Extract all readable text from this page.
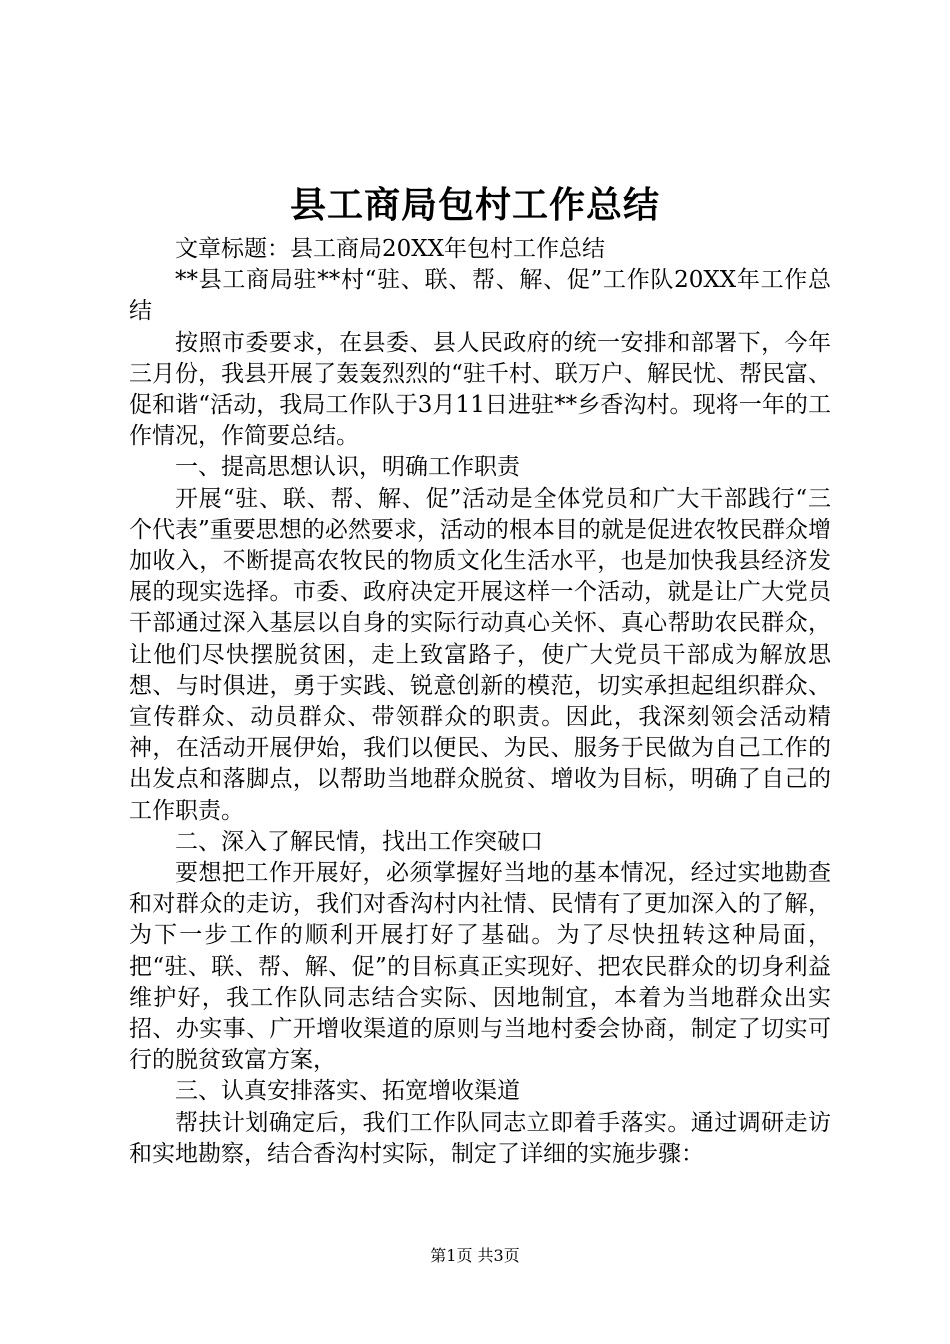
县工商局包村工作总结

文章标题：县工商局20XX年包村工作总结

**县工商局驻**村“驻、联、帮、解、促”工作队20XX年工作总结

按照市委要求，在县委、县人民政府的统一安排和部署下，今年三月份，我县开展了轰轰烈烈的“驻千村、联万户、解民忧、帮民富、促和谐“活动，我局工作队于3月11日进驻**乡香沟村。现将一年的工作情况，作简要总结。

一、提高思想认识，明确工作职责

开展“驻、联、帮、解、促”活动是全体党员和广大干部践行“三个代表”重要思想的必然要求，活动的根本目的就是促进农牧民群众增加收入，不断提高农牧民的物质文化生活水平，也是加快我县经济发展的现实选择。市委、政府决定开展这样一个活动，就是让广大党员干部通过深入基层以自身的实际行动真心关怀、真心帮助农民群众，让他们尽快摆脱贫困，走上致富路子，使广大党员干部成为解放思想、与时俱进，勇于实践、锐意创新的模范，切实承担起组织群众、宣传群众、动员群众、带领群众的职责。因此，我深刻领会活动精神，在活动开展伊始，我们以便民、为民、服务于民做为自己工作的出发点和落脚点，以帮助当地群众脱贫、增收为目标，明确了自己的工作职责。

二、深入了解民情，找出工作突破口

要想把工作开展好，必须掌握好当地的基本情况，经过实地勘查和对群众的走访，我们对香沟村内社情、民情有了更加深入的了解，为下一步工作的顺利开展打好了基础。为了尽快扭转这种局面，把“驻、联、帮、解、促”的目标真正实现好、把农民群众的切身利益维护好，我工作队同志结合实际、因地制宜，本着为当地群众出实招、办实事、广开增收渠道的原则与当地村委会协商，制定了切实可行的脱贫致富方案，

三、认真安排落实、拓宽增收渠道

帮扶计划确定后，我们工作队同志立即着手落实。通过调研走访和实地勘察，结合香沟村实际，制定了详细的实施步骤：

第1页 共3页
